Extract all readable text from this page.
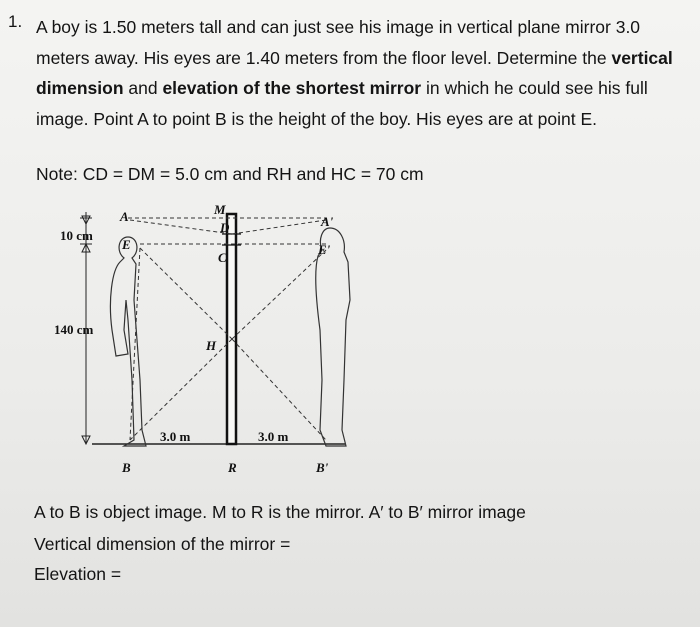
1. A boy is 1.50 meters tall and can just see his image in vertical plane mirror 3.0 meters away. His eyes are 1.40 meters from the floor level. Determine the vertical dimension and elevation of the shortest mirror in which he could see his full image. Point A to point B is the height of the boy. His eyes are at point E.
Note: CD = DM = 5.0 cm and RH and HC = 70 cm
A
E
M
D
C
H
A'
E'
B	R	B'
10 cm
140 cm
3.0 m	3.0 m
A to B is object image. M to R is the mirror. A′ to B′ mirror image
Vertical dimension of the mirror =
Elevation =
